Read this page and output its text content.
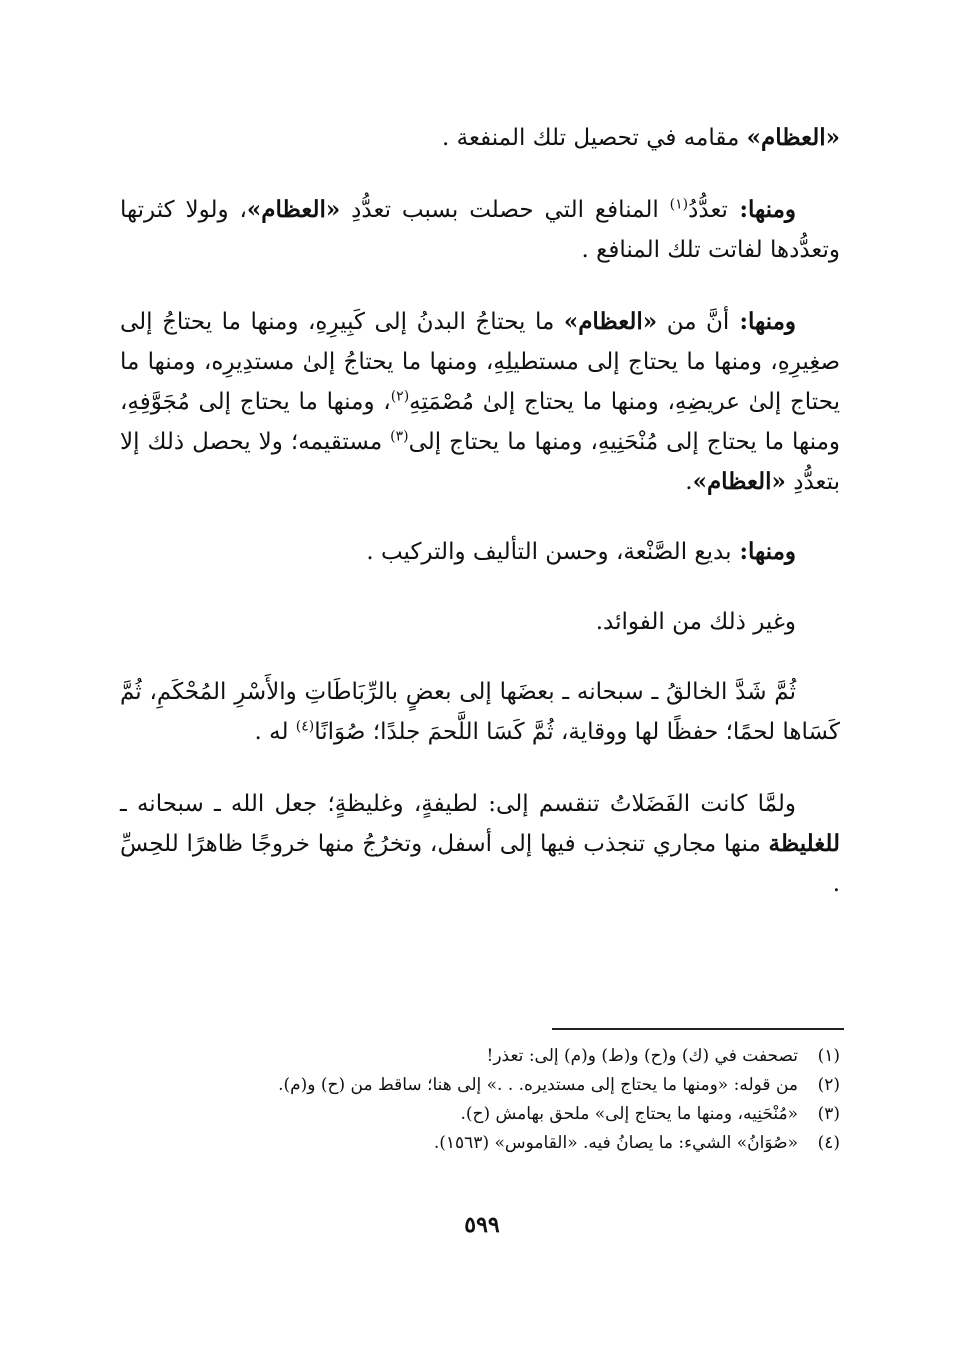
«العظام» مقامه في تحصيل تلك المنفعة .

ومنها: تعدُّدُ$^{(١)}$ المنافع التي حصلت بسبب تعدُّدِ «العظام»، ولولا كثرتها وتعدُّدها لفاتت تلك المنافع .

ومنها: أنَّ من «العظام» ما يحتاجُ البدنُ إلى كَبِيرِهِ، ومنها ما يحتاجُ إلى صغِيرِهِ، ومنها ما يحتاج إلى مستطيلِهِ، ومنها ما يحتاجُ إلىٰ مستدِيرِه، ومنها ما يحتاج إلىٰ عريضِهِ، ومنها ما يحتاج إلىٰ مُصْمَتِهِ$^{(٢)}$، ومنها ما يحتاج إلى مُجَوَّفِهِ، ومنها ما يحتاج إلى مُنْحَنِيهِ، ومنها ما يحتاج إلى$^{(٣)}$ مستقيمه؛ ولا يحصل ذلك إلا بتعدُّدِ «العظام».

ومنها: بديع الصَّنْعة، وحسن التأليف والتركيب .

وغير ذلك من الفوائد.

ثُمَّ شَدَّ الخالقُ ـ سبحانه ـ بعضَها إلى بعضٍ بالرِّبَاطَاتِ والأَسْرِ المُحْكَمِ، ثُمَّ كَسَاها لحمًا؛ حفظًا لها ووقاية، ثُمَّ كَسَا اللَّحمَ جلدًا؛ صُوَانًا$^{(٤)}$ له .

ولمَّا كانت الفَضَلاتُ تنقسم إلى: لطيفةٍ، وغليظةٍ؛ جعل الله ـ سبحانه ـ للغليظة منها مجاري تنجذب فيها إلى أسفل، وتخرُجُ منها خروجًا ظاهرًا للحِسِّ .

(١)
تصحفت في (ك) و(ح) و(ط) و(م) إلى: تعذر!
(٢)
من قوله: «ومنها ما يحتاج إلى مستديره. . .» إلى هنا؛ ساقط من (ح) و(م).
(٣)
«مُنْحَنِيه، ومنها ما يحتاج إلى» ملحق بهامش (ح).
(٤)
«صُوَانُ» الشيء: ما يصانُ فيه. «القاموس» (١٥٦٣).
٥٩٩
